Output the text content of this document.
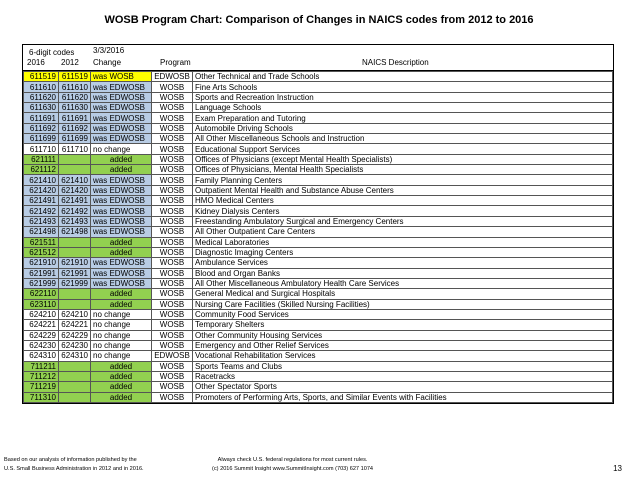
WOSB Program Chart: Comparison of Changes in NAICS codes from 2012 to 2016
6-digit codes 3/3/2016
2016 2012 Change	Program	NAICS Description
611519	611519	was WOSB	EDWOSB	Other Technical and Trade Schools
611610	611610	was EDWOSB	WOSB	Fine Arts Schools
611620	611620	was EDWOSB	WOSB	Sports and Recreation Instruction
611630	611630	was EDWOSB	WOSB	Language Schools
611691	611691	was EDWOSB	WOSB	Exam Preparation and Tutoring
611692	611692	was EDWOSB	WOSB	Automobile Driving Schools
611699	611699	was EDWOSB	WOSB	All Other Miscellaneous Schools and Instruction
611710	611710	no change	WOSB	Educational Support Services
621111		added	WOSB	Offices of Physicians (except Mental Health Specialists)
621112		added	WOSB	Offices of Physicians, Mental Health Specialists
621410	621410	was EDWOSB	WOSB	Family Planning Centers
621420	621420	was EDWOSB	WOSB	Outpatient Mental Health and Substance Abuse Centers
621491	621491	was EDWOSB	WOSB	HMO Medical Centers
621492	621492	was EDWOSB	WOSB	Kidney Dialysis Centers
621493	621493	was EDWOSB	WOSB	Freestanding Ambulatory Surgical and Emergency Centers
621498	621498	was EDWOSB	WOSB	All Other Outpatient Care Centers
621511		added	WOSB	Medical Laboratories
621512		added	WOSB	Diagnostic Imaging Centers
621910	621910	was EDWOSB	WOSB	Ambulance Services
621991	621991	was EDWOSB	WOSB	Blood and Organ Banks
621999	621999	was EDWOSB	WOSB	All Other Miscellaneous Ambulatory Health Care Services
622110		added	WOSB	General Medical and Surgical Hospitals
623110		added	WOSB	Nursing Care Facilities (Skilled Nursing Facilities)
624210	624210	no change	WOSB	Community Food Services
624221	624221	no change	WOSB	Temporary Shelters
624229	624229	no change	WOSB	Other Community Housing Services
624230	624230	no change	WOSB	Emergency and Other Relief Services
624310	624310	no change	EDWOSB	Vocational Rehabilitation Services
711211		added	WOSB	Sports Teams and Clubs
711212		added	WOSB	Racetracks
711219		added	WOSB	Other Spectator Sports
711310		added	WOSB	Promoters of Performing Arts, Sports, and Similar Events with Facilities
Based on our analysis of information published by the
U.S. Small Business Administration in 2012 and in 2016.
Always check U.S. federal regulations for most current rules.
(c) 2016 Summit Insight www.SummitInsight.com (703) 627 1074	13
